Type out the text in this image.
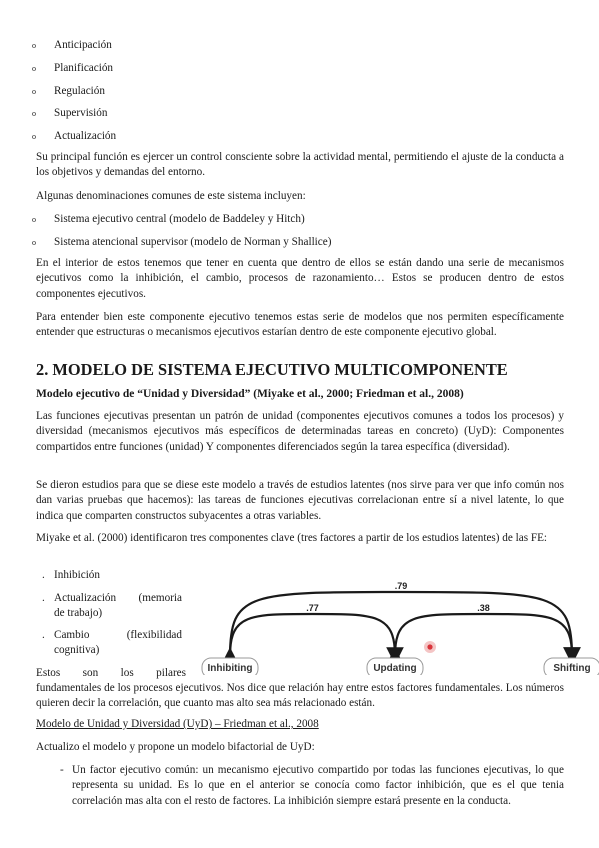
o Anticipación
o Planificación
o Regulación
o Supervisión
o Actualización

Su principal función es ejercer un control consciente sobre la actividad mental, permitiendo el ajuste de la conducta a los objetivos y demandas del entorno.

Algunas denominaciones comunes de este sistema incluyen:

o Sistema ejecutivo central (modelo de Baddeley y Hitch)
o Sistema atencional supervisor (modelo de Norman y Shallice)

En el interior de estos tenemos que tener en cuenta que dentro de ellos se están dando una serie de mecanismos ejecutivos como la inhibición, el cambio, procesos de razonamiento… Estos se producen dentro de estos componentes ejecutivos.

Para entender bien este componente ejecutivo tenemos estas serie de modelos que nos permiten específicamente entender que estructuras o mecanismos ejecutivos estarían dentro de este componente ejecutivo global.

2. MODELO DE SISTEMA EJECUTIVO MULTICOMPONENTE
Modelo ejecutivo de “Unidad y Diversidad” (Miyake et al., 2000; Friedman et al., 2008)

Las funciones ejecutivas presentan un patrón de unidad (componentes ejecutivos comunes a todos los procesos) y diversidad (mecanismos ejecutivos más específicos de determinadas tareas en concreto) (UyD): Componentes compartidos entre funciones (unidad) Y componentes diferenciados según la tarea específica (diversidad).

Se dieron estudios para que se diese este modelo a través de estudios latentes (nos sirve para ver que info común nos dan varias pruebas que hacemos): las tareas de funciones ejecutivas correlacionan entre sí a nivel latente, lo que indica que comparten constructos subyacentes a otras variables.

Miyake et al. (2000) identificaron tres componentes clave (tres factores a partir de los estudios latentes) de las FE:

. Inhibición
. Actualización (memoria
de trabajo)
. Cambio (flexibilidad
cognitiva)
Inhibiting	Updating	Shifting
.77	.38
.79
Estos son los pilares

fundamentales de los procesos ejecutivos. Nos dice que relación hay entre estos factores fundamentales. Los números quieren decir la correlación, que cuanto mas alto sea más relacionado están.

Modelo de Unidad y Diversidad (UyD) – Friedman et al., 2008

Actualizo el modelo y propone un modelo bifactorial de UyD:

- Un factor ejecutivo común: un mecanismo ejecutivo compartido por todas las funciones ejecutivas, lo que representa su unidad. Es lo que en el anterior se conocía como factor inhibición, que es el que tenia correlación mas alta con el resto de factores. La inhibición siempre estará presente en la conducta.
